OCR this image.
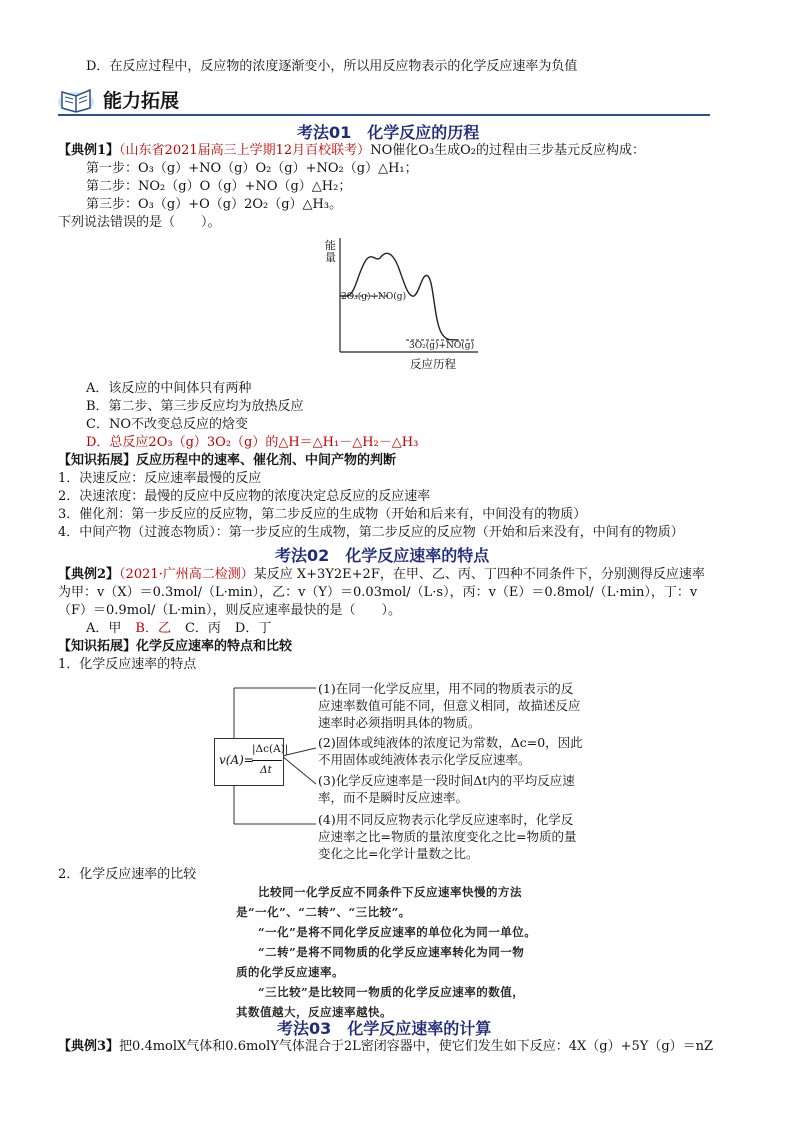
D．在反应过程中，反应物的浓度逐渐变小，所以用反应物表示的化学反应速率为负值
能力拓展
考法01　化学反应的历程
【典例1】（山东省2021届高三上学期12月百校联考）NO催化O₃生成O₂的过程由三步基元反应构成：
第一步：O₃（g）+NO（g）O₂（g）+NO₂（g）△H₁；
第二步：NO₂（g）O（g）+NO（g）△H₂；
第三步：O₃（g）+O（g）2O₂（g）△H₃。
下列说法错误的是（　　）。
能
量
2O₃(g)+NO(g)
3O₂(g)+NO(g)
反应历程
A．该反应的中间体只有两种
B．第二步、第三步反应均为放热反应
C．NO不改变总反应的焓变
D．总反应2O₃（g）3O₂（g）的△H＝△H₁－△H₂－△H₃
【知识拓展】反应历程中的速率、催化剂、中间产物的判断
1．决速反应：反应速率最慢的反应
2．决速浓度：最慢的反应中反应物的浓度决定总反应的反应速率
3．催化剂：第一步反应的反应物，第二步反应的生成物（开始和后来有，中间没有的物质）
4．中间产物（过渡态物质）：第一步反应的生成物，第二步反应的反应物（开始和后来没有，中间有的物质）
考法02　化学反应速率的特点
【典例2】（2021·广州高二检测）某反应 X+3Y2E+2F，在甲、乙、丙、丁四种不同条件下，分别测得反应速率
为甲：v（X）＝0.3mol/（L·min），乙：v（Y）＝0.03mol/（L·s），丙：v（E）＝0.8mol/（L·min），丁：v
（F）＝0.9mol/（L·min），则反应速率最快的是（　　）。
A．甲 B．乙 C．丙 D．丁
【知识拓展】化学反应速率的特点和比较
1．化学反应速率的特点
v(A)=
|Δc(A)|
Δt
(1)在同一化学反应里，用不同的物质表示的反应速率数值可能不同，但意义相同，故描述反应速率时必须指明具体的物质。
(2)固体或纯液体的浓度记为常数，Δc=0，因此不用固体或纯液体表示化学反应速率。
(3)化学反应速率是一段时间Δt内的平均反应速率，而不是瞬时反应速率。
(4)用不同反应物表示化学反应速率时，化学反应速率之比=物质的量浓度变化之比=物质的量变化之比=化学计量数之比。
2．化学反应速率的比较
比较同一化学反应不同条件下反应速率快慢的方法
是“一化”、“二转”、“三比较”。
“一化”是将不同化学反应速率的单位化为同一单位。
“二转”是将不同物质的化学反应速率转化为同一物
质的化学反应速率。
“三比较”是比较同一物质的化学反应速率的数值，
其数值越大，反应速率越快。
考法03　化学反应速率的计算
【典例3】把0.4molX气体和0.6molY气体混合于2L密闭容器中，使它们发生如下反应：4X（g）+5Y（g）＝nZ
